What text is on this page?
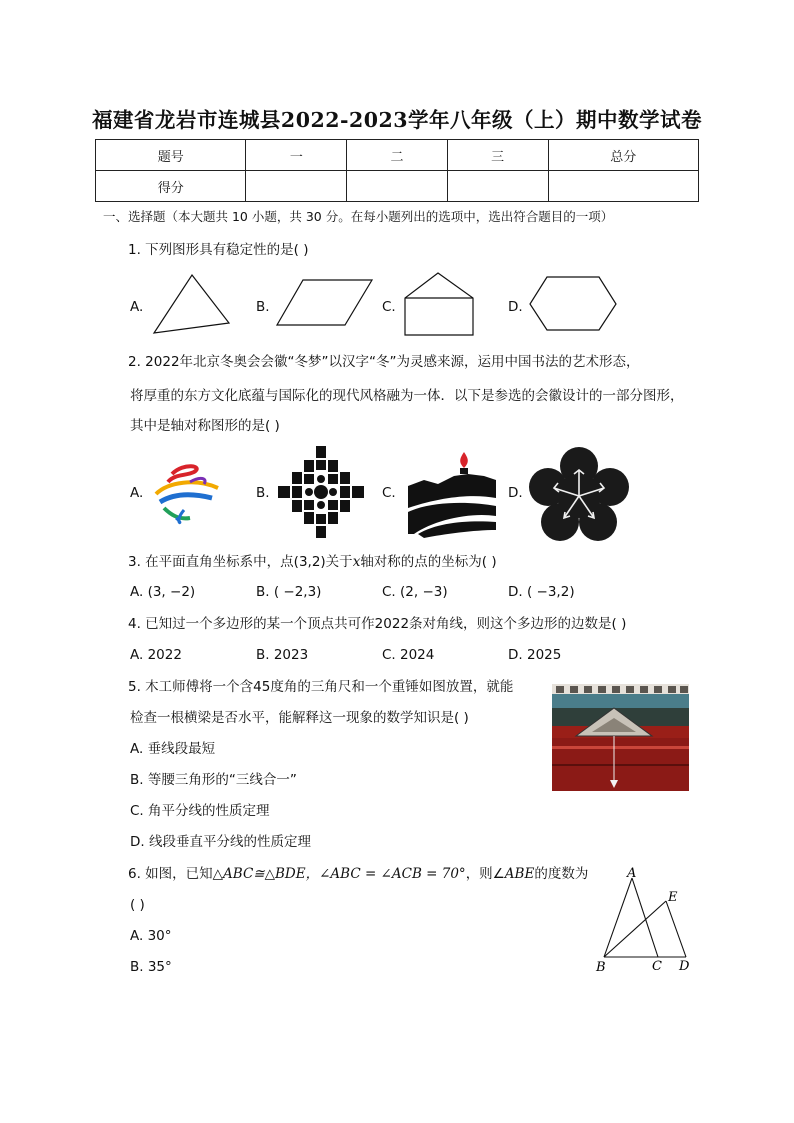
福建省龙岩市连城县2022-2023学年八年级（上）期中数学试卷
题号	一	二	三	总分
得分				
一、选择题（本大题共 10 小题，共 30 分。在每小题列出的选项中，选出符合题目的一项）
1. 下列图形具有稳定性的是( )
A.	B.	C.	D.
2. 2022年北京冬奥会会徽“冬梦”以汉字“冬”为灵感来源，运用中国书法的艺术形态，
将厚重的东方文化底蕴与国际化的现代风格融为一体．以下是参选的会徽设计的一部分图形，
其中是轴对称图形的是( )
A.	B.	C.	D.
3. 在平面直角坐标系中，点(3,2)关于x轴对称的点的坐标为( )
A. (3, −2)	B. ( −2,3)	C. (2, −3)	D. ( −3,2)
4. 已知过一个多边形的某一个顶点共可作2022条对角线，则这个多边形的边数是( )
A. 2022	B. 2023	C. 2024	D. 2025
5. 木工师傅将一个含45度角的三角尺和一个重锤如图放置，就能
检查一根横梁是否水平，能解释这一现象的数学知识是( )
A. 垂线段最短
B. 等腰三角形的“三线合一”
C. 角平分线的性质定理
D. 线段垂直平分线的性质定理
6. 如图，已知△ABC≅△BDE，∠ABC = ∠ACB = 70°，则∠ABE的度数为
( )
A. 30°
B. 35°
A
E
B	C D
